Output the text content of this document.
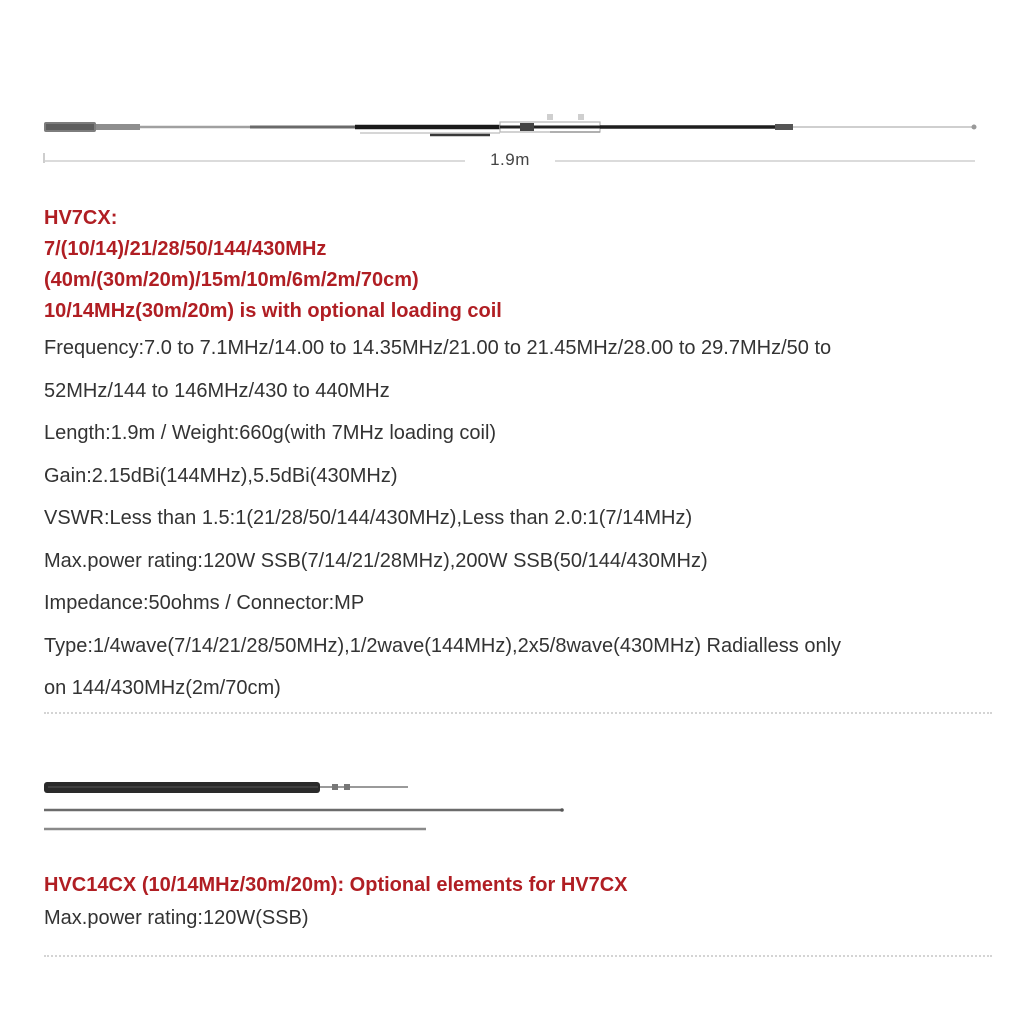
1.9m

HV7CX:

7/(10/14)/21/28/50/144/430MHz

(40m/(30m/20m)/15m/10m/6m/2m/70cm)

10/14MHz(30m/20m) is with optional loading coil

Frequency:7.0 to 7.1MHz/14.00 to 14.35MHz/21.00 to 21.45MHz/28.00 to 29.7MHz/50 to

52MHz/144 to 146MHz/430 to 440MHz

Length:1.9m / Weight:660g(with 7MHz loading coil)

Gain:2.15dBi(144MHz),5.5dBi(430MHz)

VSWR:Less than 1.5:1(21/28/50/144/430MHz),Less than 2.0:1(7/14MHz)

Max.power rating:120W SSB(7/14/21/28MHz),200W SSB(50/144/430MHz)

Impedance:50ohms / Connector:MP

Type:1/4wave(7/14/21/28/50MHz),1/2wave(144MHz),2x5/8wave(430MHz) Radialless only

on 144/430MHz(2m/70cm)

HVC14CX (10/14MHz/30m/20m): Optional elements for HV7CX

Max.power rating:120W(SSB)
